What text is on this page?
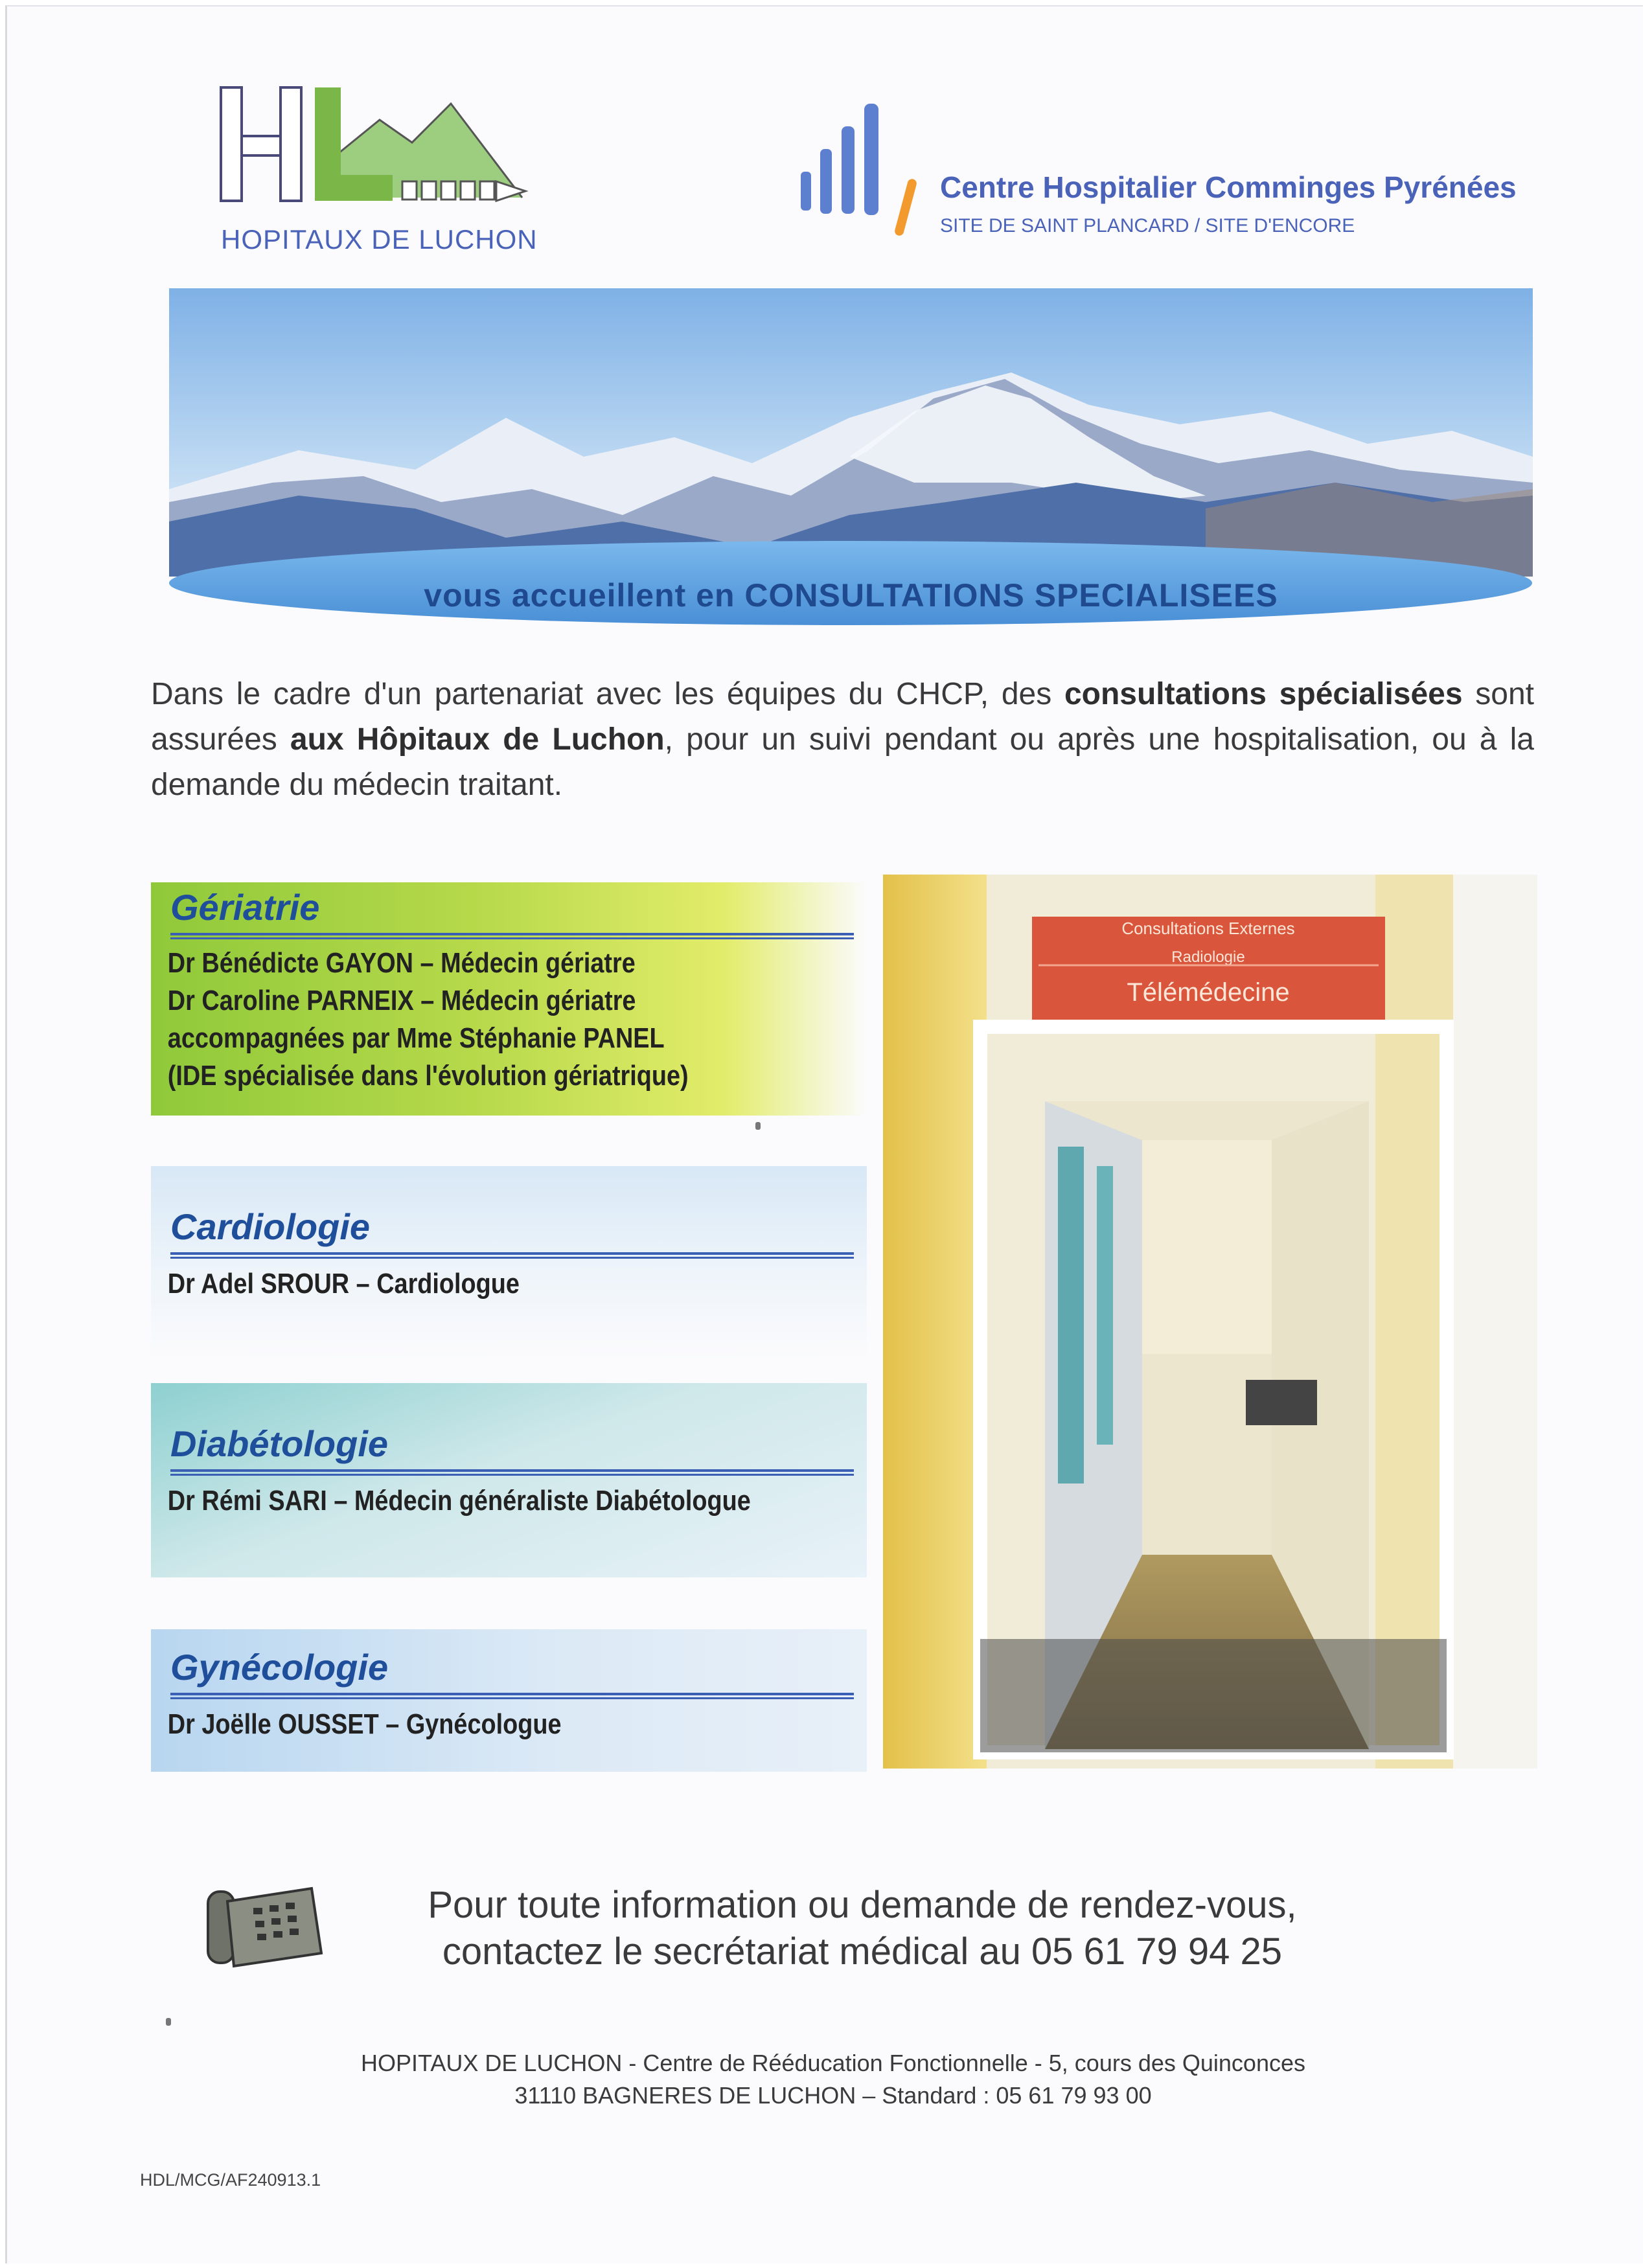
HOPITAUX DE LUCHON
Centre Hospitalier Comminges Pyrénées
SITE DE SAINT PLANCARD / SITE D'ENCORE
vous accueillent en CONSULTATIONS SPECIALISEES

Dans le cadre d'un partenariat avec les équipes du CHCP, des consultations spécialisées sont assurées aux Hôpitaux de Luchon, pour un suivi pendant ou après une hospitalisation, ou à la demande du médecin traitant.

Gériatrie
Dr Bénédicte GAYON – Médecin gériatre
Dr Caroline PARNEIX – Médecin gériatre
accompagnées par Mme Stéphanie PANEL
(IDE spécialisée dans l'évolution gériatrique)
Cardiologie
Dr Adel SROUR – Cardiologue
Diabétologie
Dr Rémi SARI – Médecin généraliste Diabétologue
Gynécologie
Dr Joëlle OUSSET – Gynécologue
Consultations Externes
Radiologie
Télémédecine
Pour toute information ou demande de rendez-vous,
contactez le secrétariat médical au 05 61 79 94 25
HOPITAUX DE LUCHON - Centre de Rééducation Fonctionnelle - 5, cours des Quinconces
31110 BAGNERES DE LUCHON – Standard : 05 61 79 93 00
HDL/MCG/AF240913.1
